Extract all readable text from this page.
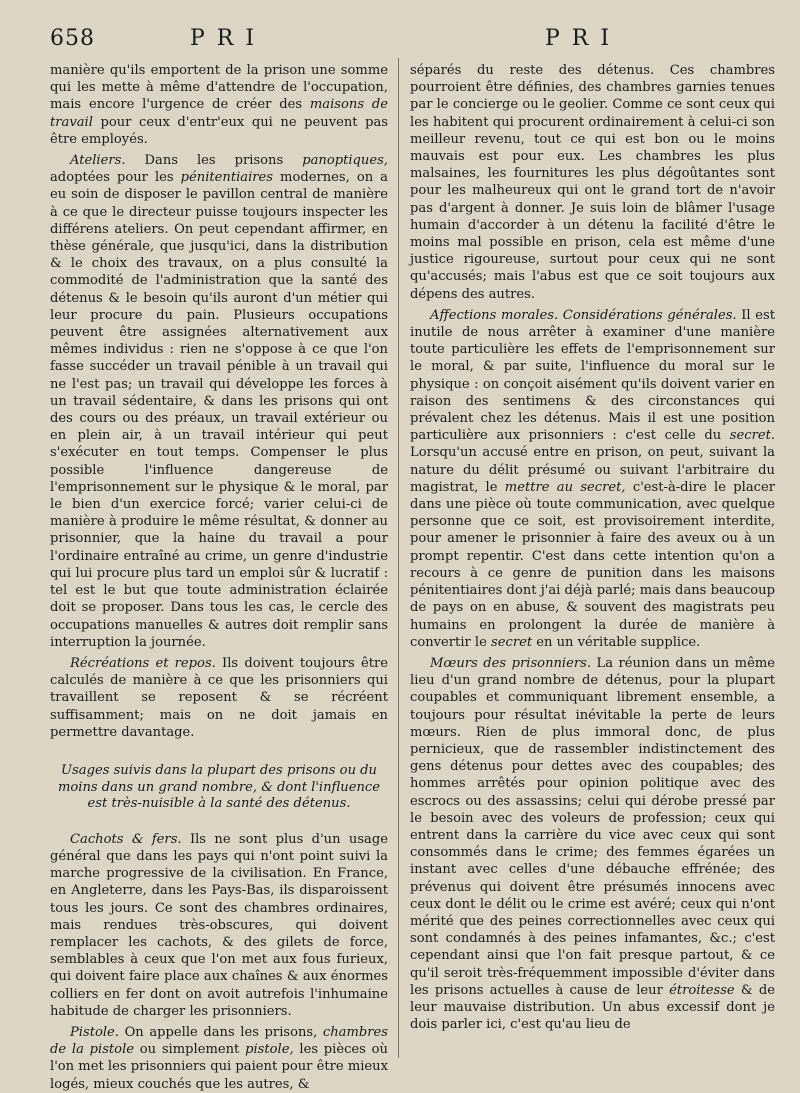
658	PRI	PRI

manière qu'ils emportent de la prison une somme qui les mette à même d'attendre de l'occupation, mais encore l'urgence de créer des maisons de travail pour ceux d'entr'eux qui ne peuvent pas être employés.

Ateliers. Dans les prisons panoptiques, adoptées pour les pénitentiaires modernes, on a eu soin de disposer le pavillon central de manière à ce que le directeur puisse toujours inspecter les différens ateliers. On peut cependant affirmer, en thèse générale, que jusqu'ici, dans la distribution & le choix des travaux, on a plus consulté la commodité de l'administration que la santé des détenus & le besoin qu'ils auront d'un métier qui leur procure du pain. Plusieurs occupations peuvent être assignées alternativement aux mêmes individus : rien ne s'oppose à ce que l'on fasse succéder un travail pénible à un travail qui ne l'est pas; un travail qui développe les forces à un travail sédentaire, & dans les prisons qui ont des cours ou des préaux, un travail extérieur ou en plein air, à un travail intérieur qui peut s'exécuter en tout temps. Compenser le plus possible l'influence dangereuse de l'emprisonnement sur le physique & le moral, par le bien d'un exercice forcé; varier celui-ci de manière à produire le même résultat, & donner au prisonnier, que la haine du travail a pour l'ordinaire entraîné au crime, un genre d'industrie qui lui procure plus tard un emploi sûr & lucratif : tel est le but que toute administration éclairée doit se proposer. Dans tous les cas, le cercle des occupations manuelles & autres doit remplir sans interruption la journée.

Récréations et repos. Ils doivent toujours être calculés de manière à ce que les prisonniers qui travaillent se reposent & se récréent suffisamment; mais on ne doit jamais en permettre davantage.

Usages suivis dans la plupart des prisons ou du moins dans un grand nombre, & dont l'influence est très-nuisible à la santé des détenus.

Cachots & fers. Ils ne sont plus d'un usage général que dans les pays qui n'ont point suivi la marche progressive de la civilisation. En France, en Angleterre, dans les Pays-Bas, ils disparoissent tous les jours. Ce sont des chambres ordinaires, mais rendues très-obscures, qui doivent remplacer les cachots, & des gilets de force, semblables à ceux que l'on met aux fous furieux, qui doivent faire place aux chaînes & aux énormes colliers en fer dont on avoit autrefois l'inhumaine habitude de charger les prisonniers.

Pistole. On appelle dans les prisons, chambres de la pistole ou simplement pistole, les pièces où l'on met les prisonniers qui paient pour être mieux logés, mieux couchés que les autres, &

séparés du reste des détenus. Ces chambres pourroient être définies, des chambres garnies tenues par le concierge ou le geolier. Comme ce sont ceux qui les habitent qui procurent ordinairement à celui-ci son meilleur revenu, tout ce qui est bon ou le moins mauvais est pour eux. Les chambres les plus malsaines, les fournitures les plus dégoûtantes sont pour les malheureux qui ont le grand tort de n'avoir pas d'argent à donner. Je suis loin de blâmer l'usage humain d'accorder à un détenu la facilité d'être le moins mal possible en prison, cela est même d'une justice rigoureuse, surtout pour ceux qui ne sont qu'accusés; mais l'abus est que ce soit toujours aux dépens des autres.

Affections morales. Considérations générales. Il est inutile de nous arrêter à examiner d'une manière toute particulière les effets de l'emprisonnement sur le moral, & par suite, l'influence du moral sur le physique : on conçoit aisément qu'ils doivent varier en raison des sentimens & des circonstances qui prévalent chez les détenus. Mais il est une position particulière aux prisonniers : c'est celle du secret. Lorsqu'un accusé entre en prison, on peut, suivant la nature du délit présumé ou suivant l'arbitraire du magistrat, le mettre au secret, c'est-à-dire le placer dans une pièce où toute communication, avec quelque personne que ce soit, est provisoirement interdite, pour amener le prisonnier à faire des aveux ou à un prompt repentir. C'est dans cette intention qu'on a recours à ce genre de punition dans les maisons pénitentiaires dont j'ai déjà parlé; mais dans beaucoup de pays on en abuse, & souvent des magistrats peu humains en prolongent la durée de manière à convertir le secret en un véritable supplice.

Mœurs des prisonniers. La réunion dans un même lieu d'un grand nombre de détenus, pour la plupart coupables et communiquant librement ensemble, a toujours pour résultat inévitable la perte de leurs mœurs. Rien de plus immoral donc, de plus pernicieux, que de rassembler indistinctement des gens détenus pour dettes avec des coupables; des hommes arrêtés pour opinion politique avec des escrocs ou des assassins; celui qui dérobe pressé par le besoin avec des voleurs de profession; ceux qui entrent dans la carrière du vice avec ceux qui sont consommés dans le crime; des femmes égarées un instant avec celles d'une débauche effrénée; des prévenus qui doivent être présumés innocens avec ceux dont le délit ou le crime est avéré; ceux qui n'ont mérité que des peines correctionnelles avec ceux qui sont condamnés à des peines infamantes, &c.; c'est cependant ainsi que l'on fait presque partout, & ce qu'il seroit très-fréquemment impossible d'éviter dans les prisons actuelles à cause de leur étroitesse & de leur mauvaise distribution. Un abus excessif dont je dois parler ici, c'est qu'au lieu de
